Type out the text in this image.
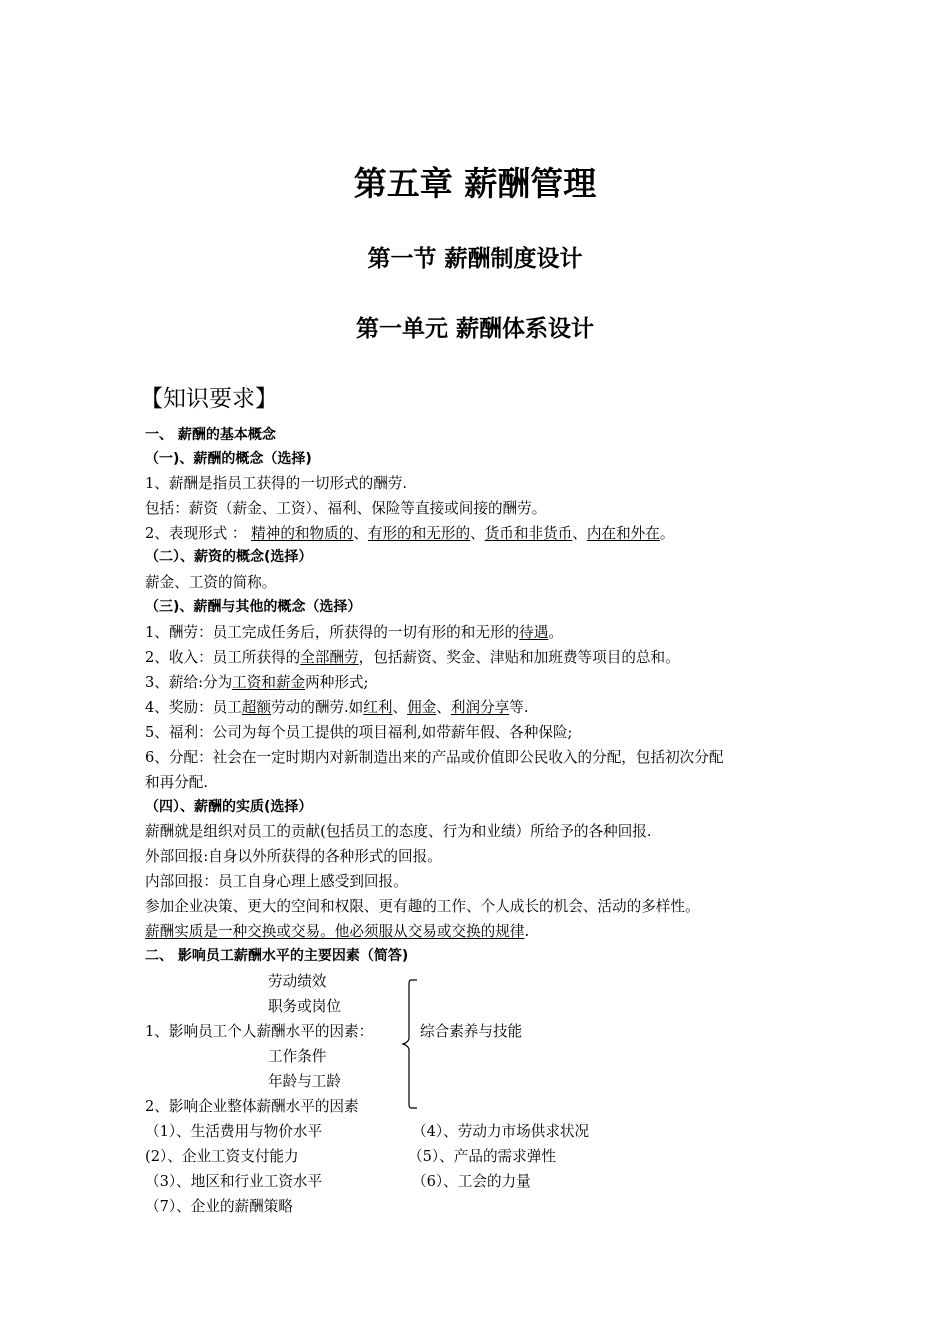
第五章 薪酬管理
第一节 薪酬制度设计
第一单元 薪酬体系设计
【知识要求】
一、 薪酬的基本概念
（一)、薪酬的概念（选择)
1、薪酬是指员工获得的一切形式的酬劳.
包括：薪资（薪金、工资）、福利、保险等直接或间接的酬劳。
2、表现形式 ： 精神的和物质的、有形的和无形的、货币和非货币、内在和外在。
（二）、薪资的概念(选择）
薪金、工资的简称。
（三)、薪酬与其他的概念（选择）
1、酬劳：员工完成任务后，所获得的一切有形的和无形的待遇。
2、收入：员工所获得的全部酬劳，包括薪资、奖金、津贴和加班费等项目的总和。
3、薪给:分为工资和薪金两种形式;
4、奖励：员工超额劳动的酬劳.如红利、佣金、利润分享等.
5、福利：公司为每个员工提供的项目福利,如带薪年假、各种保险;
6、分配：社会在一定时期内对新制造出来的产品或价值即公民收入的分配，包括初次分配
和再分配.
（四）、薪酬的实质(选择）
薪酬就是组织对员工的贡献(包括员工的态度、行为和业绩）所给予的各种回报.
外部回报:自身以外所获得的各种形式的回报。
内部回报：员工自身心理上感受到回报。
参加企业决策、更大的空间和权限、更有趣的工作、个人成长的机会、活动的多样性。
薪酬实质是一种交换或交易。他必须服从交易或交换的规律.
二、 影响员工薪酬水平的主要因素（简答)
劳动绩效
职务或岗位
1、影响员工个人薪酬水平的因素：	综合素养与技能
工作条件
年龄与工龄
2、影响企业整体薪酬水平的因素
（1）、生活费用与物价水平	（4）、劳动力市场供求状况
(2）、企业工资支付能力	（5）、产品的需求弹性
（3）、地区和行业工资水平	（6）、工会的力量
（7）、企业的薪酬策略
